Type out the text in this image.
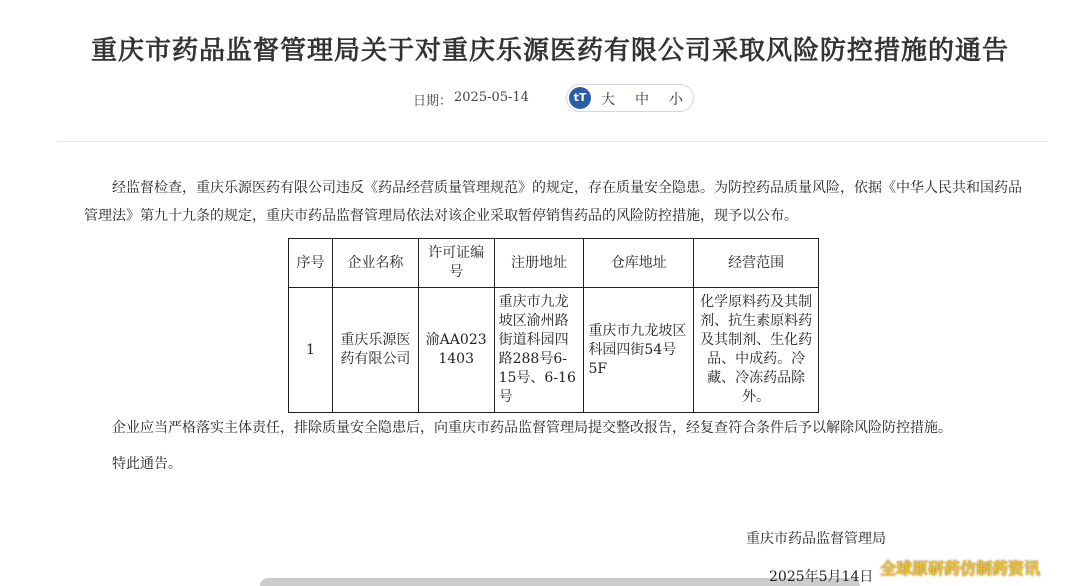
重庆市药品监督管理局关于对重庆乐源医药有限公司采取风险防控措施的通告
日期： 2025-05-14	tT	大 中 小
经监督检查，重庆乐源医药有限公司违反《药品经营质量管理规范》的规定，存在质量安全隐患。为防控药品质量风险，依据《中华人民共和国药品管理法》第九十九条的规定，重庆市药品监督管理局依法对该企业采取暂停销售药品的风险防控措施，现予以公布。
序号	企业名称	许可证编号	注册地址	仓库地址	经营范围
1	重庆乐源医药有限公司	渝AA0231403	重庆市九龙坡区渝州路街道科园四路288号6-15号、6-16号	重庆市九龙坡区科园四街54号5F	化学原料药及其制剂、抗生素原料药及其制剂、生化药品、中成药。冷藏、冷冻药品除外。
企业应当严格落实主体责任，排除质量安全隐患后，向重庆市药品监督管理局提交整改报告，经复查符合条件后予以解除风险防控措施。
特此通告。
重庆市药品监督管理局
2025年5月14日 全球原研药仿制药资讯
